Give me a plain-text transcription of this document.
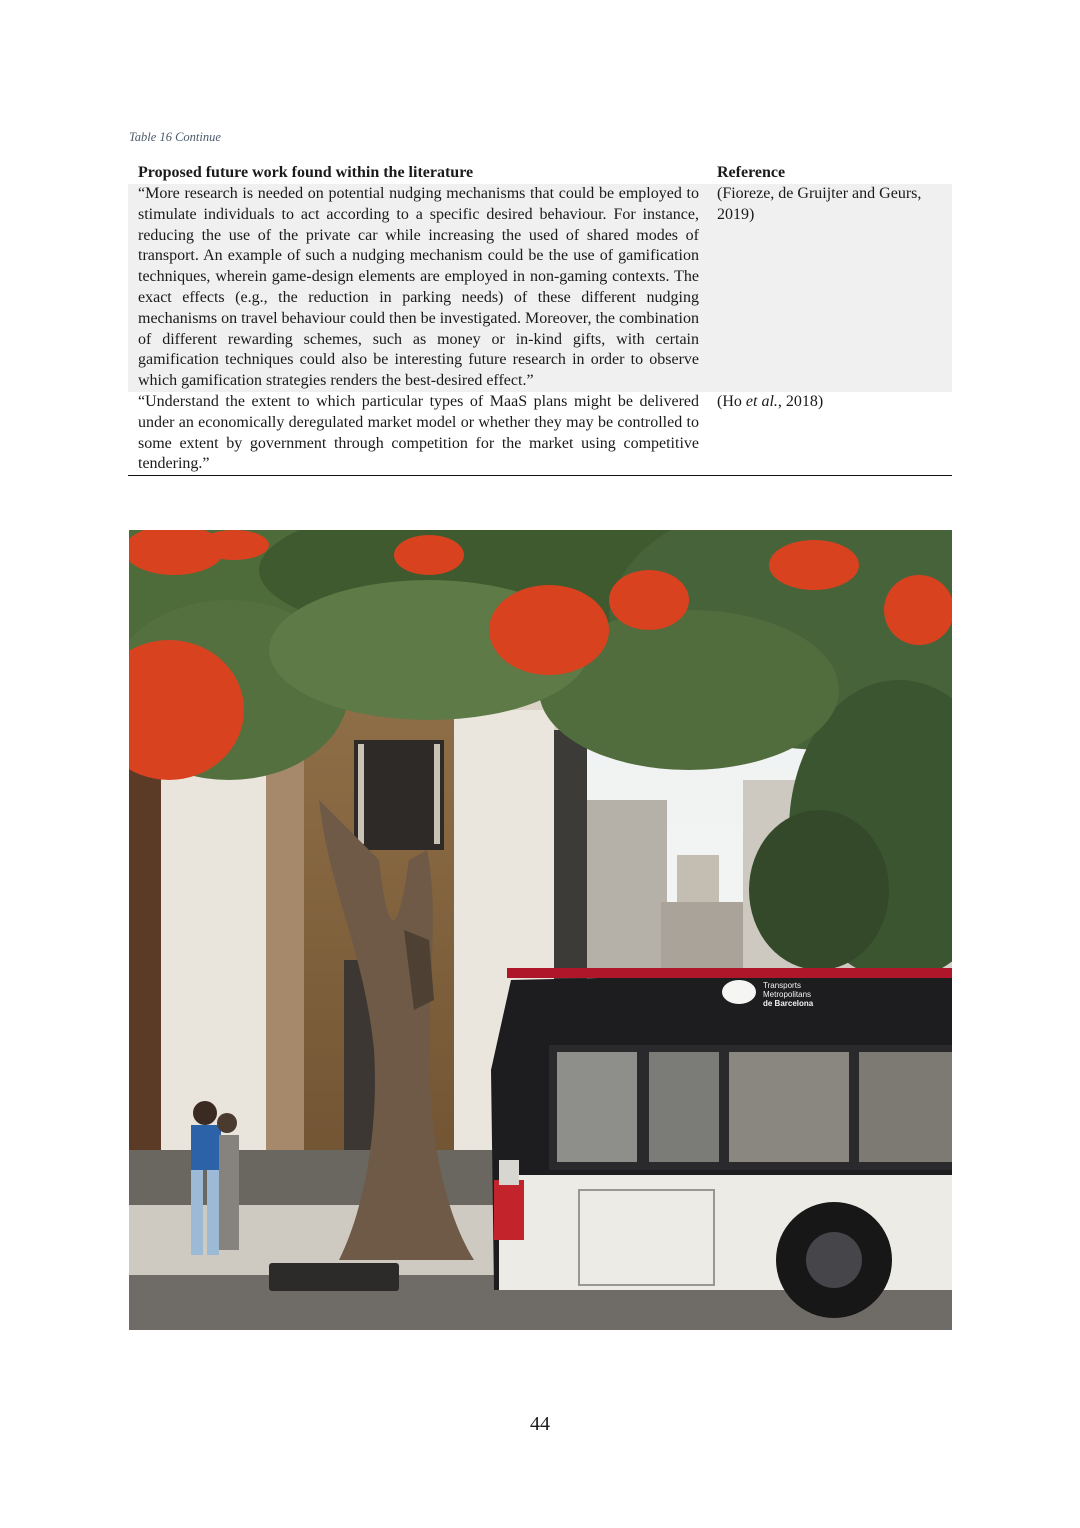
Table 16 Continue
Proposed future work found within the literature	Reference
“More research is needed on potential nudging mechanisms that could be employed to stimulate individuals to act according to a specific desired behaviour. For instance, reducing the use of the private car while increasing the used of shared modes of transport. An example of such a nudging mechanism could be the use of gamification techniques, wherein game-design elements are employed in non-gaming contexts. The exact effects (e.g., the reduction in parking needs) of these different nudging mechanisms on travel behaviour could then be investigated. Moreover, the combination of different rewarding schemes, such as money or in-kind gifts, with certain gamification techniques could also be interesting future research in order to observe which gamification strategies renders the best-desired effect.”	(Fioreze, de Gruijter and Geurs, 2019)
“Understand the extent to which particular types of MaaS plans might be delivered under an economically deregulated market model or whether they may be controlled to some extent by government through competition for the market using competitive tendering.”	(Ho et al., 2018)
Transports
Metropolitans
de Barcelona
44
